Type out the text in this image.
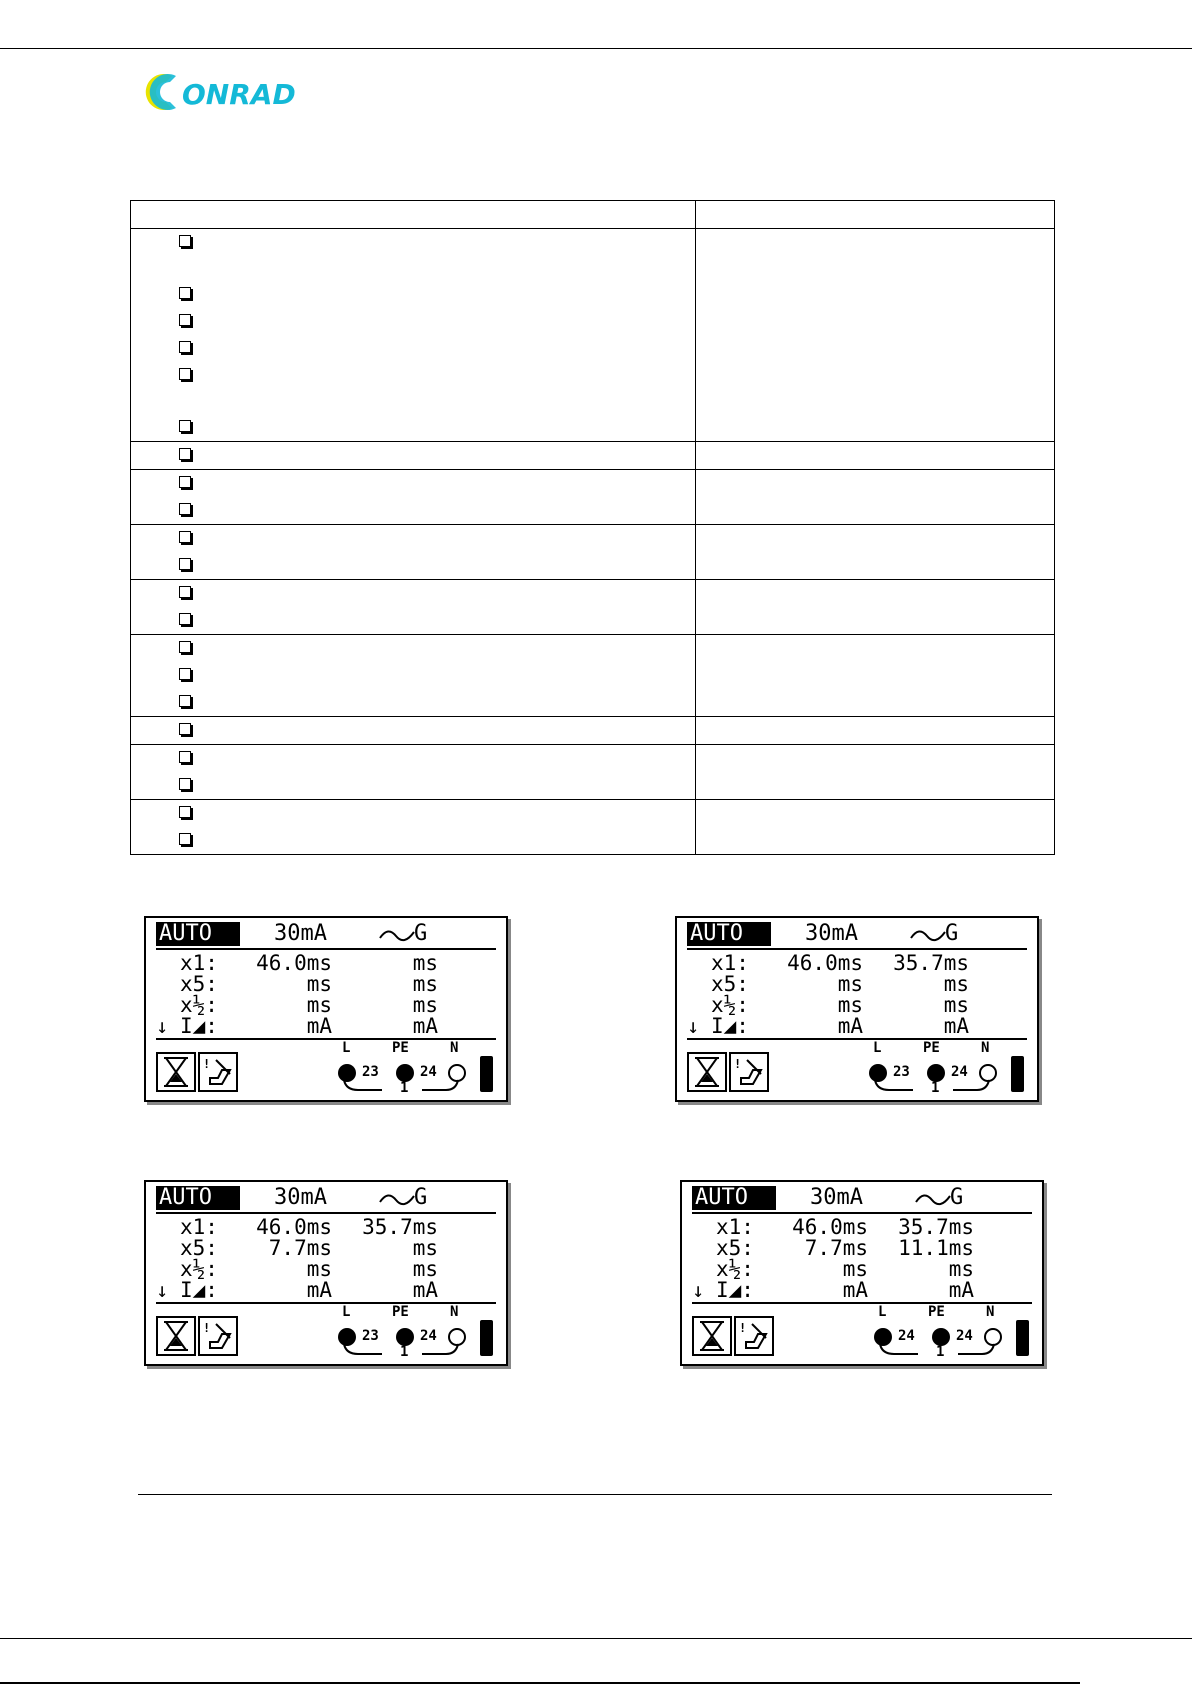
ONRAD

AUTO	30mA	G
x1:	46.0ms	ms
x5:	ms	ms
x½:	ms	ms
↓ I◢:	mA	mA
!
L	PE	N
23	24
1
AUTO	30mA	G
x1:	46.0ms	35.7ms
x5:	ms	ms
x½:	ms	ms
↓ I◢:	mA	mA
!
L	PE	N
23	24
1
AUTO	30mA	G
x1:	46.0ms	35.7ms
x5:	7.7ms	ms
x½:	ms	ms
↓ I◢:	mA	mA
!
L	PE	N
23	24
1
AUTO	30mA	G
x1:	46.0ms	35.7ms
x5:	7.7ms	11.1ms
x½:	ms	ms
↓ I◢:	mA	mA
!
L	PE	N
24	24
1
